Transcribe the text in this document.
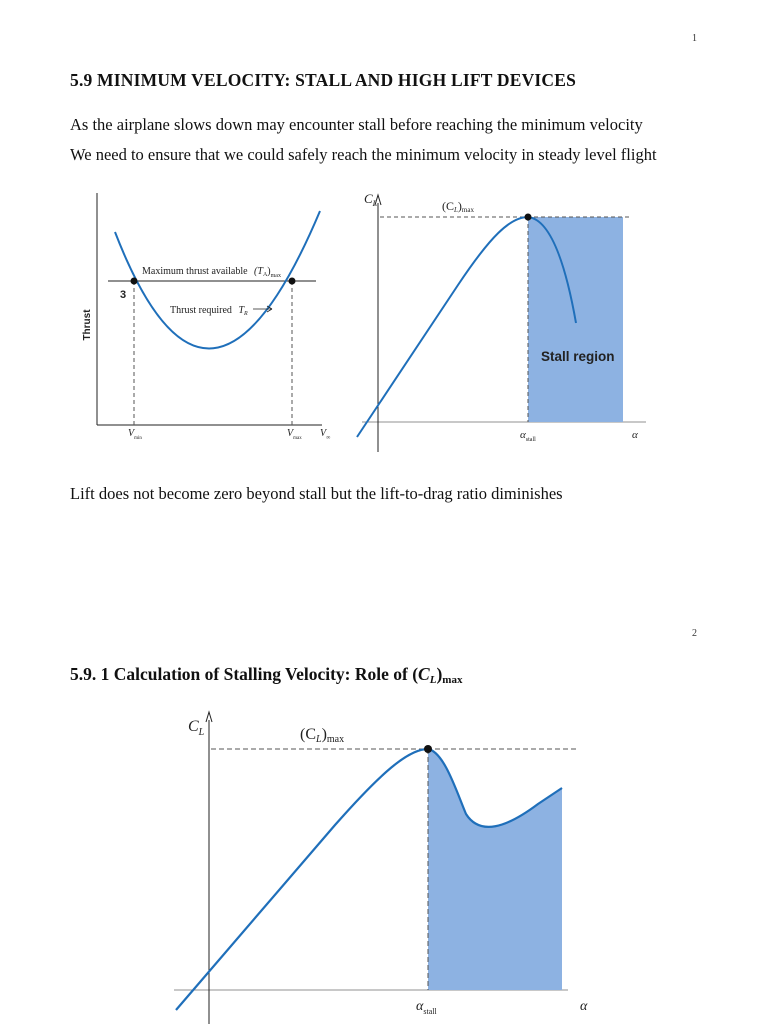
1
5.9 MINIMUM VELOCITY: STALL AND HIGH LIFT DEVICES

As the airplane slows down may encounter stall before reaching the minimum velocity

We need to ensure that we could safely reach the minimum velocity in steady level flight

Thrust
Maximum thrust available $(T_A)_{max}$
3
Thrust required $T_R$
$V_{min}$	$V_{max}$ $V_\infty$
$C_L$	(CL)max
Stall region
$\alpha_{stall}$	α

Lift does not become zero beyond stall but the lift-to-drag ratio diminishes

2
5.9. 1 Calculation of Stalling Velocity: Role of $(C_L)_{max}$
$C_L$	(CL)max
$\alpha_{stall}$	α
